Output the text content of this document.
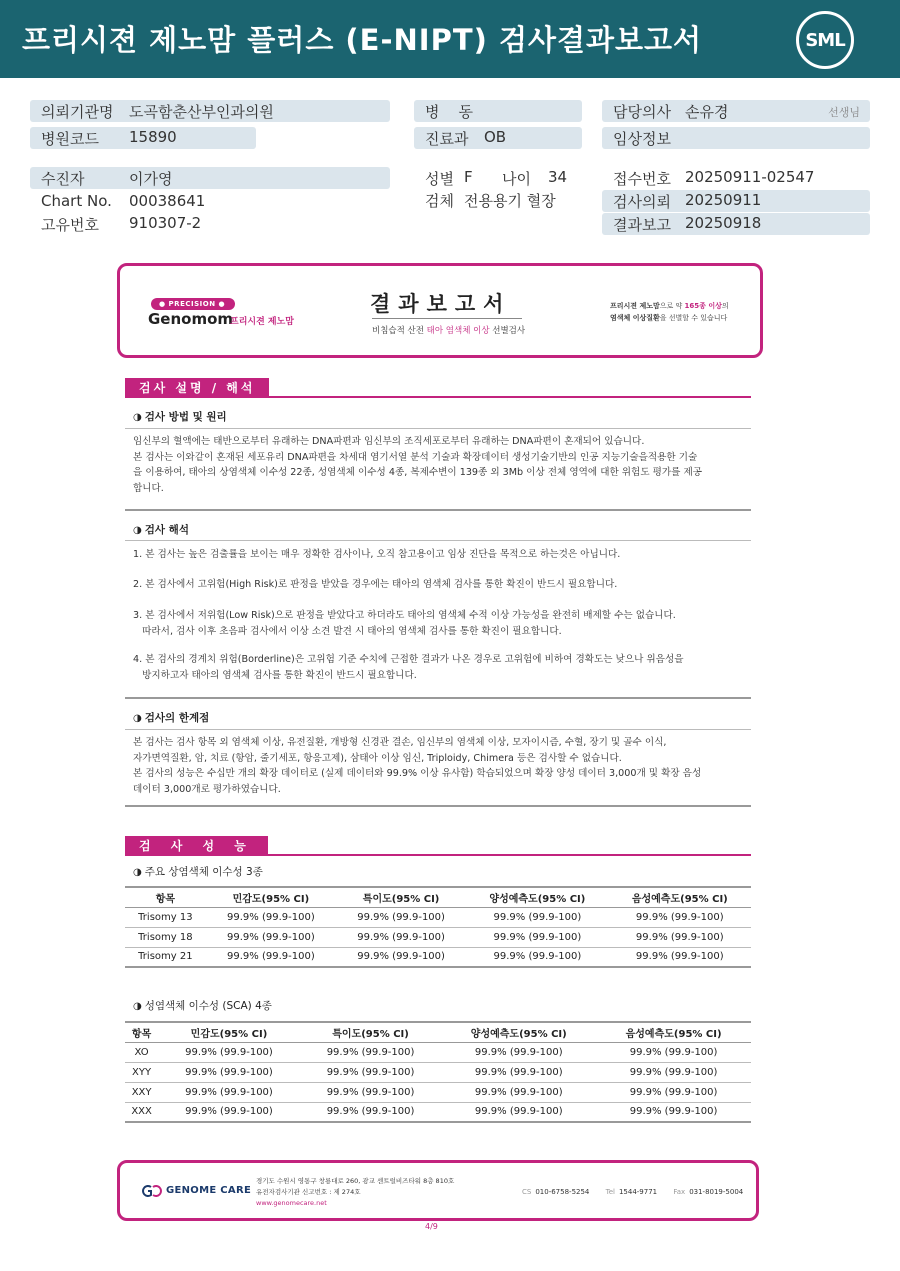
프리시젼 제노맘 플러스 (E-NIPT) 검사결과보고서	SML
의뢰기관명 도곡함춘산부인과의원
병원코드 15890
병    동
진료과 OB
담당의사 손유경	선생님
임상정보
수진자	이가영
Chart No. 00038641
고유번호 910307-2
성별 F 나이 34
검체 전용용기 혈장
접수번호 20250911-02547
검사의뢰 20250911
결과보고 20250918
● PRECISION ●
Genomom
프리시젼 제노맘
결과보고서
비침습적 산전 태아 염색체 이상 선별검사
프리시젼 제노맘으로 약 165종 이상의
염색체 이상질환을 선별할 수 있습니다
검사 설명 / 해석
◑ 검사 방법 및 원리
임신부의 혈액에는 태반으로부터 유래하는 DNA파편과 임신부의 조직세포로부터 유래하는 DNA파편이 혼재되어 있습니다.
본 검사는 이와같이 혼재된 세포유리 DNA파편을 차세대 염기서열 분석 기술과 확장데이터 생성기술기반의 인공 지능기술을적용한 기술
을 이용하여, 태아의 상염색체 이수성 22종, 성염색체 이수성 4종, 복제수변이 139종 외 3Mb 이상 전체 영역에 대한 위험도 평가를 제공
합니다.
◑ 검사 해석
1. 본 검사는 높은 검출률을 보이는 매우 정확한 검사이나, 오직 참고용이고 임상 진단을 목적으로 하는것은 아닙니다.
2. 본 검사에서 고위험(High Risk)로 판정을 받았을 경우에는 태아의 염색체 검사를 통한 확진이 반드시 필요합니다.
3. 본 검사에서 저위험(Low Risk)으로 판정을 받았다고 하더라도 태아의 염색체 수적 이상 가능성을 완전히 배제할 수는 없습니다.
따라서, 검사 이후 초음파 검사에서 이상 소견 발견 시 태아의 염색체 검사를 통한 확진이 필요합니다.
4. 본 검사의 경계치 위험(Borderline)은 고위험 기준 수치에 근접한 결과가 나온 경우로 고위험에 비하여 경확도는 낮으나 위음성을
방지하고자 태아의 염색체 검사를 통한 확진이 반드시 필요합니다.
◑ 검사의 한계점
본 검사는 검사 항목 외 염색체 이상, 유전질환, 개방형 신경관 결손, 임신부의 염색체 이상, 모자이시즘, 수혈, 장기 및 골수 이식,
자가면역질환, 암, 치료 (항암, 줄기세포, 항응고제), 삼태아 이상 임신, Triploidy, Chimera 등은 검사할 수 없습니다.
본 검사의 성능은 수십만 개의 확장 데이터로 (실제 데이터와 99.9% 이상 유사함) 학습되었으며 확장 양성 데이터 3,000개 및 확장 음성
데이터 3,000개로 평가하였습니다.
검 사 성 능
◑ 주요 상염색체 이수성 3종
항목	민감도(95% CI)	특이도(95% CI)	양성예측도(95% CI)	음성예측도(95% CI)
Trisomy 13	99.9% (99.9-100)	99.9% (99.9-100)	99.9% (99.9-100)	99.9% (99.9-100)
Trisomy 18	99.9% (99.9-100)	99.9% (99.9-100)	99.9% (99.9-100)	99.9% (99.9-100)
Trisomy 21	99.9% (99.9-100)	99.9% (99.9-100)	99.9% (99.9-100)	99.9% (99.9-100)
◑ 성염색체 이수성 (SCA) 4종
항목	민감도(95% CI)	특이도(95% CI)	양성예측도(95% CI)	음성예측도(95% CI)
XO	99.9% (99.9-100)	99.9% (99.9-100)	99.9% (99.9-100)	99.9% (99.9-100)
XYY	99.9% (99.9-100)	99.9% (99.9-100)	99.9% (99.9-100)	99.9% (99.9-100)
XXY	99.9% (99.9-100)	99.9% (99.9-100)	99.9% (99.9-100)	99.9% (99.9-100)
XXX	99.9% (99.9-100)	99.9% (99.9-100)	99.9% (99.9-100)	99.9% (99.9-100)
GENOME CARE
경기도 수원시 영통구 창룡대로 260, 광교 센트럴비즈타워 8층 810호
유전자검사기관 신고번호 : 제 274호
www.genomecare.net
CS 010-6758-5254 Tel 1544-9771 Fax 031-8019-5004
4/9
